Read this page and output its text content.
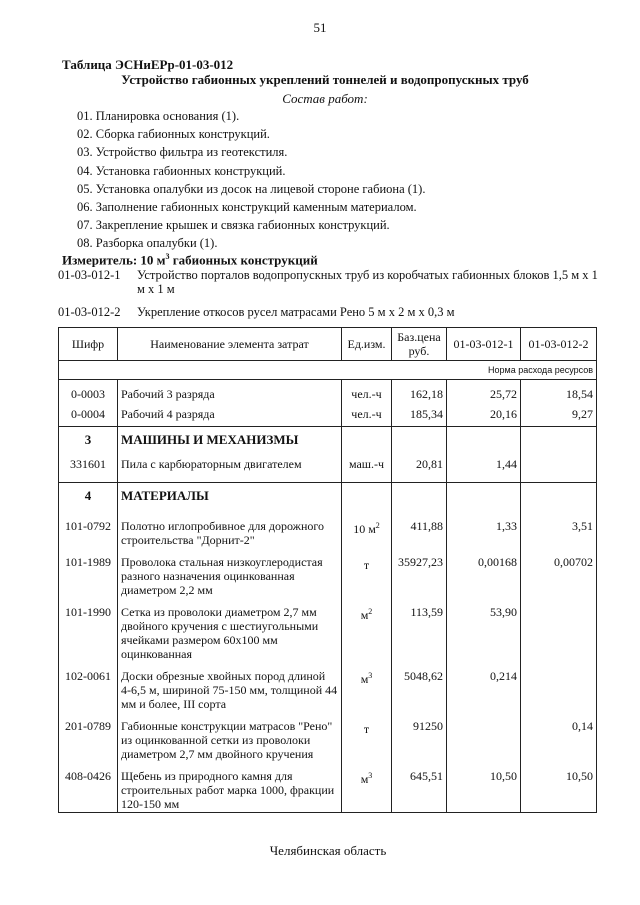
51
Таблица ЭСНиЕРр-01-03-012
Устройство габионных укреплений тоннелей и водопропускных труб
Состав работ:
01. Планировка основания (1).
02. Сборка габионных конструкций.
03. Устройство фильтра из геотекстиля.
04. Установка габионных конструкций.
05. Установка опалубки из досок на лицевой стороне габиона (1).
06. Заполнение габионных конструкций каменным материалом.
07. Закрепление крышек и связка габионных конструкций.
08. Разборка опалубки (1).
Измеритель: 10 $м^3$ габионных конструкций
01-03-012-1	Устройство порталов водопропускных труб из коробчатых габионных блоков 1,5 м х 1 м х 1 м
01-03-012-2	Укрепление откосов русел матрасами Рено 5 м х 2 м х 0,3 м
Шифр	Наименование элемента затрат	Ед.изм.	Баз.цена руб.	01-03-012-1	01-03-012-2
Норма расхода ресурсов					

0-0003	Рабочий 3 разряда	чел.-ч	162,18	25,72	18,54
0-0004	Рабочий 4 разряда	чел.-ч	185,34	20,16	9,27
3	МАШИНЫ И МЕХАНИЗМЫ				
331601	Пила с карбюраторным двигателем	маш.-ч	20,81	1,44	

4	МАТЕРИАЛЫ				

101-0792	Полотно иглопробивное для дорожного строительства "Дорнит-2"	10 $м^2$	411,88	1,33	3,51

101-1989	Проволока стальная низкоуглеродистая разного назначения оцинкованная диаметром 2,2 мм	т	35927,23	0,00168	0,00702

101-1990	Сетка из проволоки диаметром 2,7 мм двойного кручения с шестиугольными ячейками размером 60х100 мм оцинкованная	$м^2$	113,59	53,90	

102-0061	Доски обрезные хвойных пород длиной 4-6,5 м, шириной 75-150 мм, толщиной 44 мм и более, III сорта	$м^3$	5048,62	0,214	

201-0789	Габионные конструкции матрасов "Рено" из оцинкованной сетки из проволоки диаметром 2,7 мм двойного кручения	т	91250		0,14

408-0426	Щебень из природного камня для строительных работ марка 1000, фракции 120-150 мм	$м^3$	645,51	10,50	10,50
Челябинская область
